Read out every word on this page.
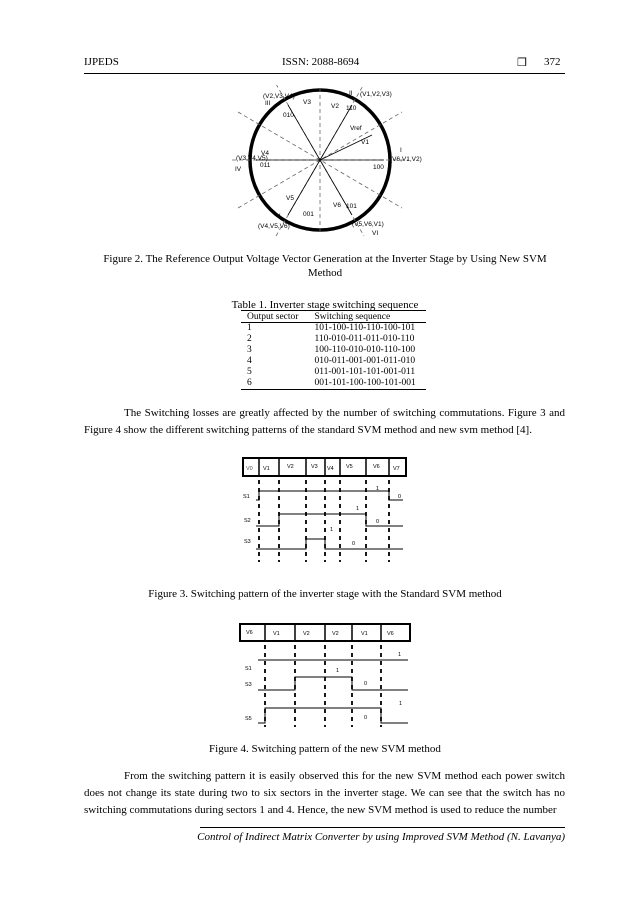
IJPEDS	ISSN: 2088-8694	❒ 372
I
II
III
IV
V
VI
(V1,V2,V3)
(V2,V3,V4)
(V3,V4,V5)
(V4,V5,V6)	(V5,V6,V1)
(V6,V1,V2)
V1
V2
V3
V4
V5
V6
Vref
100
110
010
011
001
101
Figure 2. The Reference Output Voltage Vector Generation at the Inverter Stage by Using New SVM Method
Table 1. Inverter stage switching sequence
Output sector	Switching sequence
1	101-100-110-110-100-101
2	110-010-011-011-010-110
3	100-110-010-010-110-100
4	010-011-001-001-011-010
5	011-001-101-101-001-011
6	001-101-100-100-101-001

The Switching losses are greatly affected by the number of switching commutations. Figure 3 and Figure 4 show the different switching patterns of the standard SVM method and new svm method [4].

V0 V1	V2	V3 V4 V5	V6 V7
S1
S2
S3
1
0
1
0
1
0
Figure 3. Switching pattern of the inverter stage with the Standard SVM method
V6	V1	V2	V2	V1	V6
S1
S3
S5
1
1
0
0
1
Figure 4. Switching pattern of the new SVM method

From the switching pattern it is easily observed this for the new SVM method each power switch does not change its state during two to six sectors in the inverter stage. We can see that the switch has no switching commutations during sectors 1 and 4. Hence, the new SVM method is used to reduce the number

Control of Indirect Matrix Converter by using Improved SVM Method (N. Lavanya)
